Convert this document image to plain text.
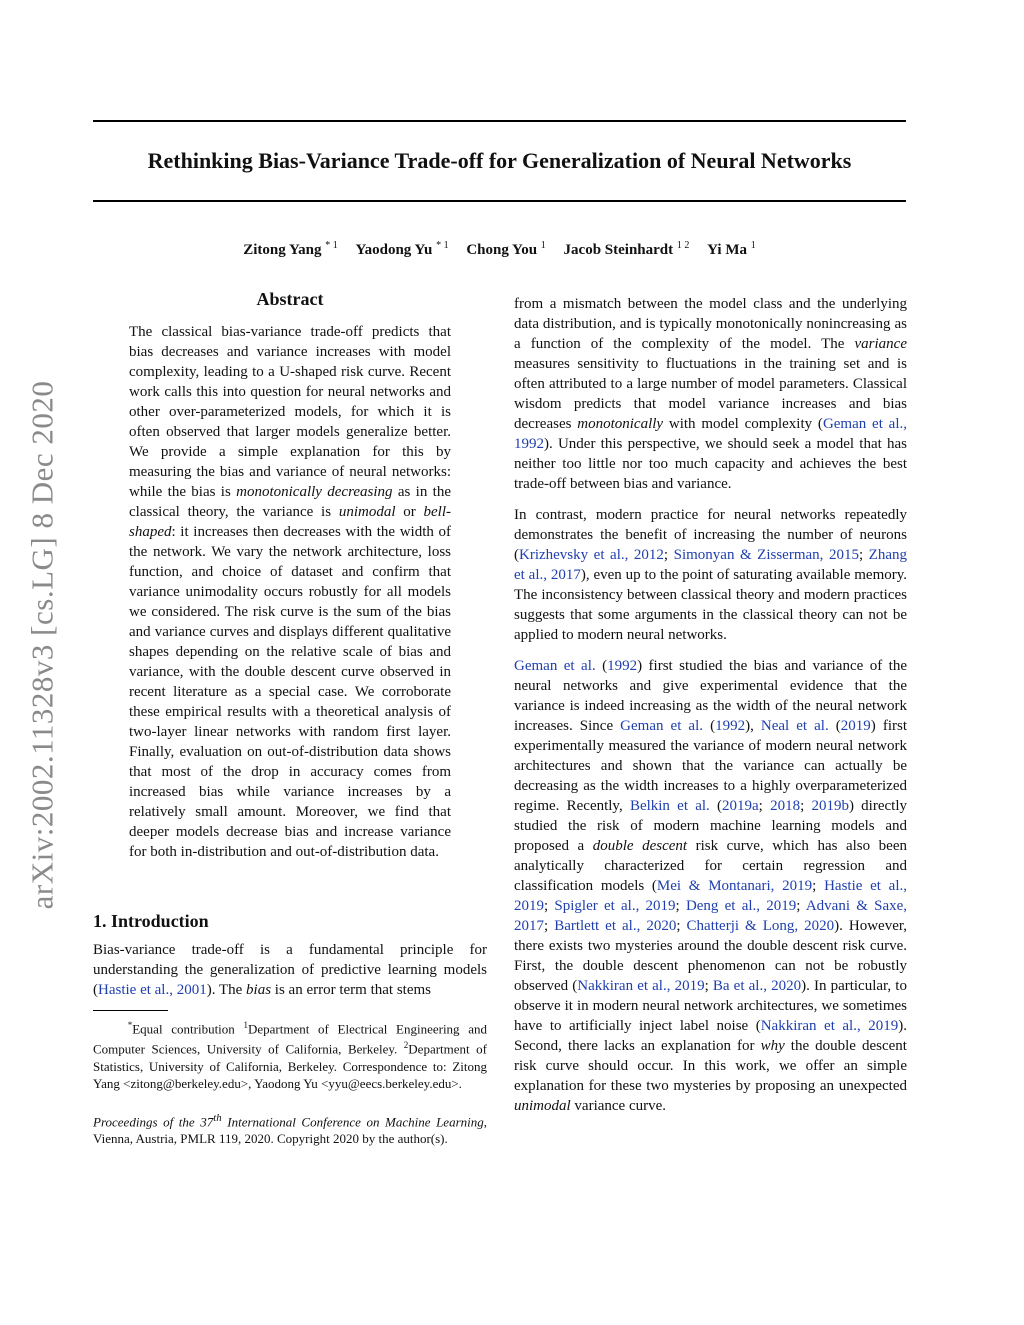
arXiv:2002.11328v3 [cs.LG] 8 Dec 2020
Rethinking Bias-Variance Trade-off for Generalization of Neural Networks
Zitong Yang $^{* 1}$ Yaodong Yu $^{* 1}$ Chong You $^1$ Jacob Steinhardt $^{1 2}$ Yi Ma $^1$
Abstract

The classical bias-variance trade-off predicts that bias decreases and variance increases with model complexity, leading to a U-shaped risk curve. Recent work calls this into question for neural networks and other over-parameterized models, for which it is often observed that larger models generalize better. We provide a simple explanation for this by measuring the bias and variance of neural networks: while the bias is monotonically decreasing as in the classical theory, the variance is unimodal or bell-shaped: it increases then decreases with the width of the network. We vary the network architecture, loss function, and choice of dataset and confirm that variance unimodality occurs robustly for all models we considered. The risk curve is the sum of the bias and variance curves and displays different qualitative shapes depending on the relative scale of bias and variance, with the double descent curve observed in recent literature as a special case. We corroborate these empirical results with a theoretical analysis of two-layer linear networks with random first layer. Finally, evaluation on out-of-distribution data shows that most of the drop in accuracy comes from increased bias while variance increases by a relatively small amount. Moreover, we find that deeper models decrease bias and increase variance for both in-distribution and out-of-distribution data.

1. Introduction

Bias-variance trade-off is a fundamental principle for understanding the generalization of predictive learning models (Hastie et al., 2001). The bias is an error term that stems

*Equal contribution $^1$Department of Electrical Engineering and Computer Sciences, University of California, Berkeley. $^2$Department of Statistics, University of California, Berkeley. Correspondence to: Zitong Yang <zitong@berkeley.edu>, Yaodong Yu <yyu@eecs.berkeley.edu>.
Proceedings of the 37th International Conference on Machine Learning, Vienna, Austria, PMLR 119, 2020. Copyright 2020 by the author(s).

from a mismatch between the model class and the underlying data distribution, and is typically monotonically nonincreasing as a function of the complexity of the model. The variance measures sensitivity to fluctuations in the training set and is often attributed to a large number of model parameters. Classical wisdom predicts that model variance increases and bias decreases monotonically with model complexity (Geman et al., 1992). Under this perspective, we should seek a model that has neither too little nor too much capacity and achieves the best trade-off between bias and variance.

In contrast, modern practice for neural networks repeatedly demonstrates the benefit of increasing the number of neurons (Krizhevsky et al., 2012; Simonyan & Zisserman, 2015; Zhang et al., 2017), even up to the point of saturating available memory. The inconsistency between classical theory and modern practices suggests that some arguments in the classical theory can not be applied to modern neural networks.

Geman et al. (1992) first studied the bias and variance of the neural networks and give experimental evidence that the variance is indeed increasing as the width of the neural network increases. Since Geman et al. (1992), Neal et al. (2019) first experimentally measured the variance of modern neural network architectures and shown that the variance can actually be decreasing as the width increases to a highly overparameterized regime. Recently, Belkin et al. (2019a; 2018; 2019b) directly studied the risk of modern machine learning models and proposed a double descent risk curve, which has also been analytically characterized for certain regression and classification models (Mei & Montanari, 2019; Hastie et al., 2019; Spigler et al., 2019; Deng et al., 2019; Advani & Saxe, 2017; Bartlett et al., 2020; Chatterji & Long, 2020). However, there exists two mysteries around the double descent risk curve. First, the double descent phenomenon can not be robustly observed (Nakkiran et al., 2019; Ba et al., 2020). In particular, to observe it in modern neural network architectures, we sometimes have to artificially inject label noise (Nakkiran et al., 2019). Second, there lacks an explanation for why the double descent risk curve should occur. In this work, we offer an simple explanation for these two mysteries by proposing an unexpected unimodal variance curve.
